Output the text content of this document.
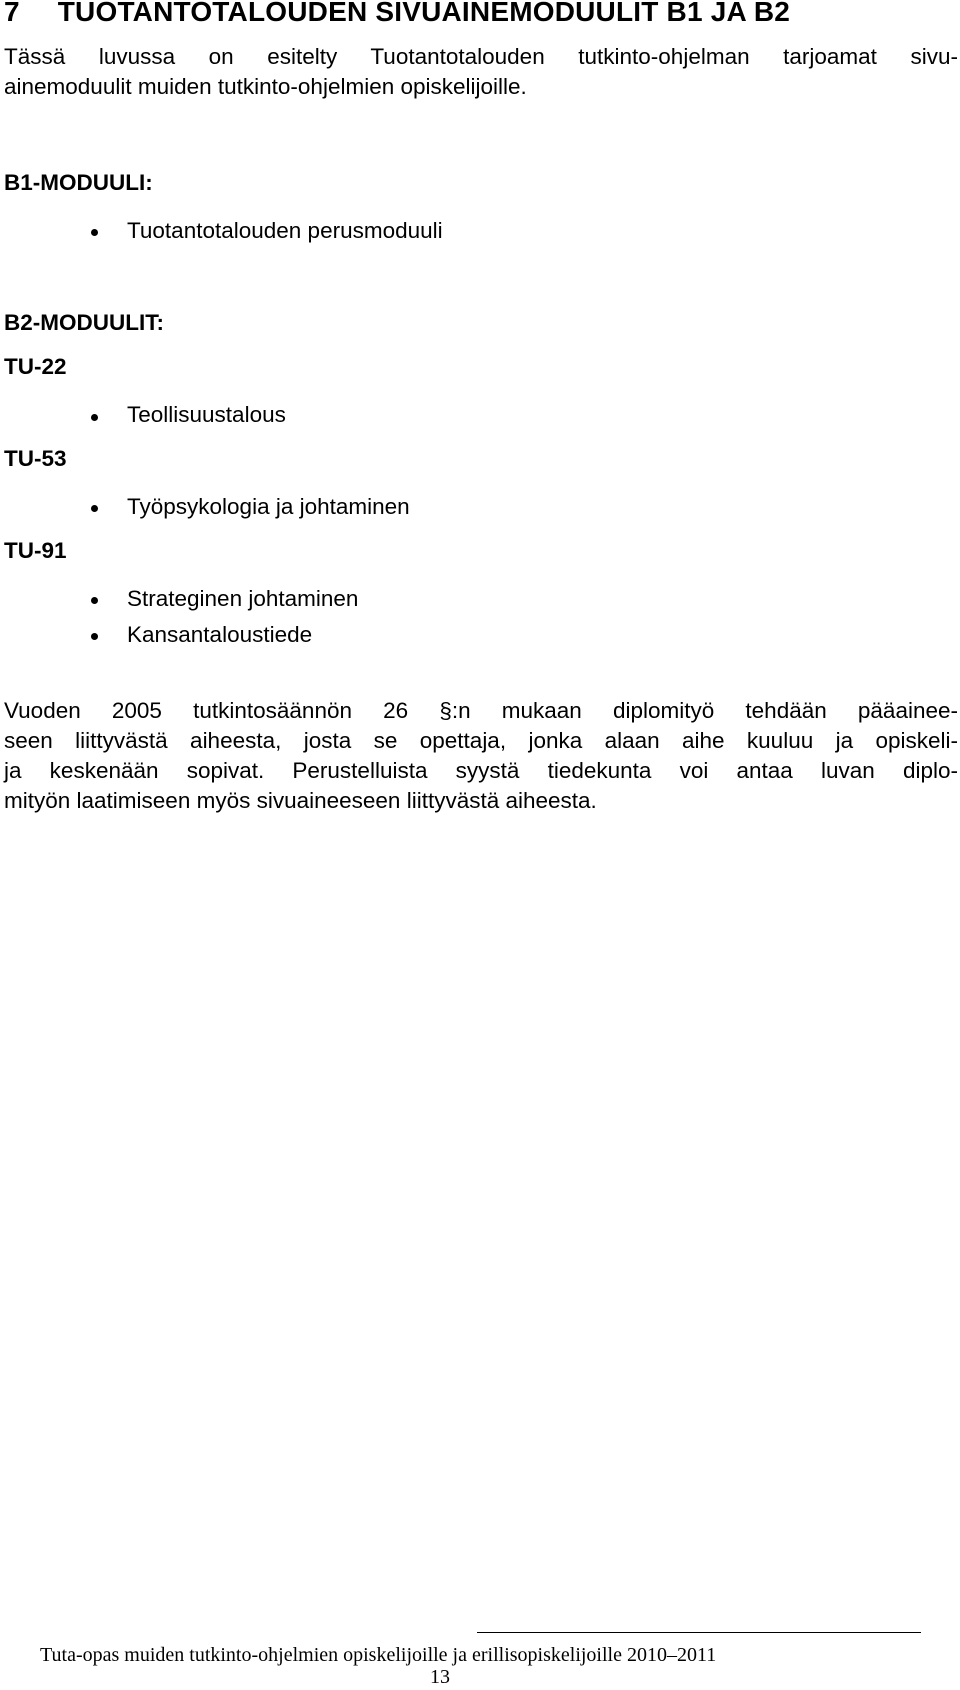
7 TUOTANTOTALOUDEN SIVUAINEMODUULIT B1 JA B2
Tässä luvussa on esitelty Tuotantotalouden tutkinto-ohjelman tarjoamat sivu-
ainemoduulit muiden tutkinto-ohjelmien opiskelijoille.
B1-MODUULI:
Tuotantotalouden perusmoduuli
B2-MODUULIT:
TU-22
Teollisuustalous
TU-53
Työpsykologia ja johtaminen
TU-91
Strateginen johtaminen
Kansantaloustiede
Vuoden 2005 tutkintosäännön 26 §:n mukaan diplomityö tehdään pääainee-
seen liittyvästä aiheesta, josta se opettaja, jonka alaan aihe kuuluu ja opiskeli-
ja keskenään sopivat. Perustelluista syystä tiedekunta voi antaa luvan diplo-
mityön laatimiseen myös sivuaineeseen liittyvästä aiheesta.
Tuta-opas muiden tutkinto-ohjelmien opiskelijoille ja erillisopiskelijoille 2010–2011
13
